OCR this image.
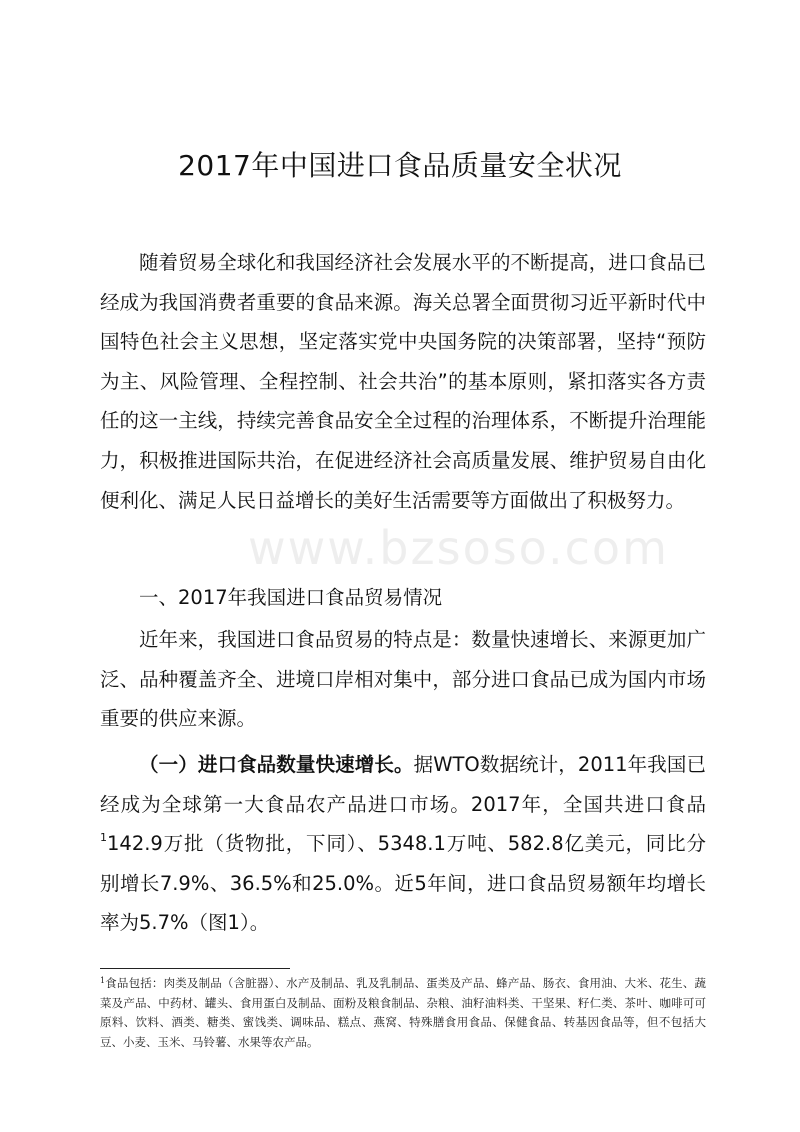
2017年中国进口食品质量安全状况

随着贸易全球化和我国经济社会发展水平的不断提高，进口食品已经成为我国消费者重要的食品来源。海关总署全面贯彻习近平新时代中国特色社会主义思想，坚定落实党中央国务院的决策部署，坚持“预防为主、风险管理、全程控制、社会共治”的基本原则，紧扣落实各方责任的这一主线，持续完善食品安全全过程的治理体系，不断提升治理能力，积极推进国际共治，在促进经济社会高质量发展、维护贸易自由化便利化、满足人民日益增长的美好生活需要等方面做出了积极努力。

一、2017年我国进口食品贸易情况

近年来，我国进口食品贸易的特点是：数量快速增长、来源更加广泛、品种覆盖齐全、进境口岸相对集中，部分进口食品已成为国内市场重要的供应来源。

（一）进口食品数量快速增长。据WTO数据统计，2011年我国已经成为全球第一大食品农产品进口市场。2017年，全国共进口食品$^1$142.9万批（货物批，下同）、5348.1万吨、582.8亿美元，同比分别增长7.9%、36.5%和25.0%。近5年间，进口食品贸易额年均增长率为5.7%（图1）。

$^1$食品包括：肉类及制品（含脏器）、水产及制品、乳及乳制品、蛋类及产品、蜂产品、肠衣、食用油、大米、花生、蔬菜及产品、中药材、罐头、食用蛋白及制品、面粉及粮食制品、杂粮、油籽油料类、干坚果、籽仁类、茶叶、咖啡可可原料、饮料、酒类、糖类、蜜饯类、调味品、糕点、燕窝、特殊膳食用食品、保健食品、转基因食品等，但不包括大豆、小麦、玉米、马铃薯、水果等农产品。

www.bzsoso.com
